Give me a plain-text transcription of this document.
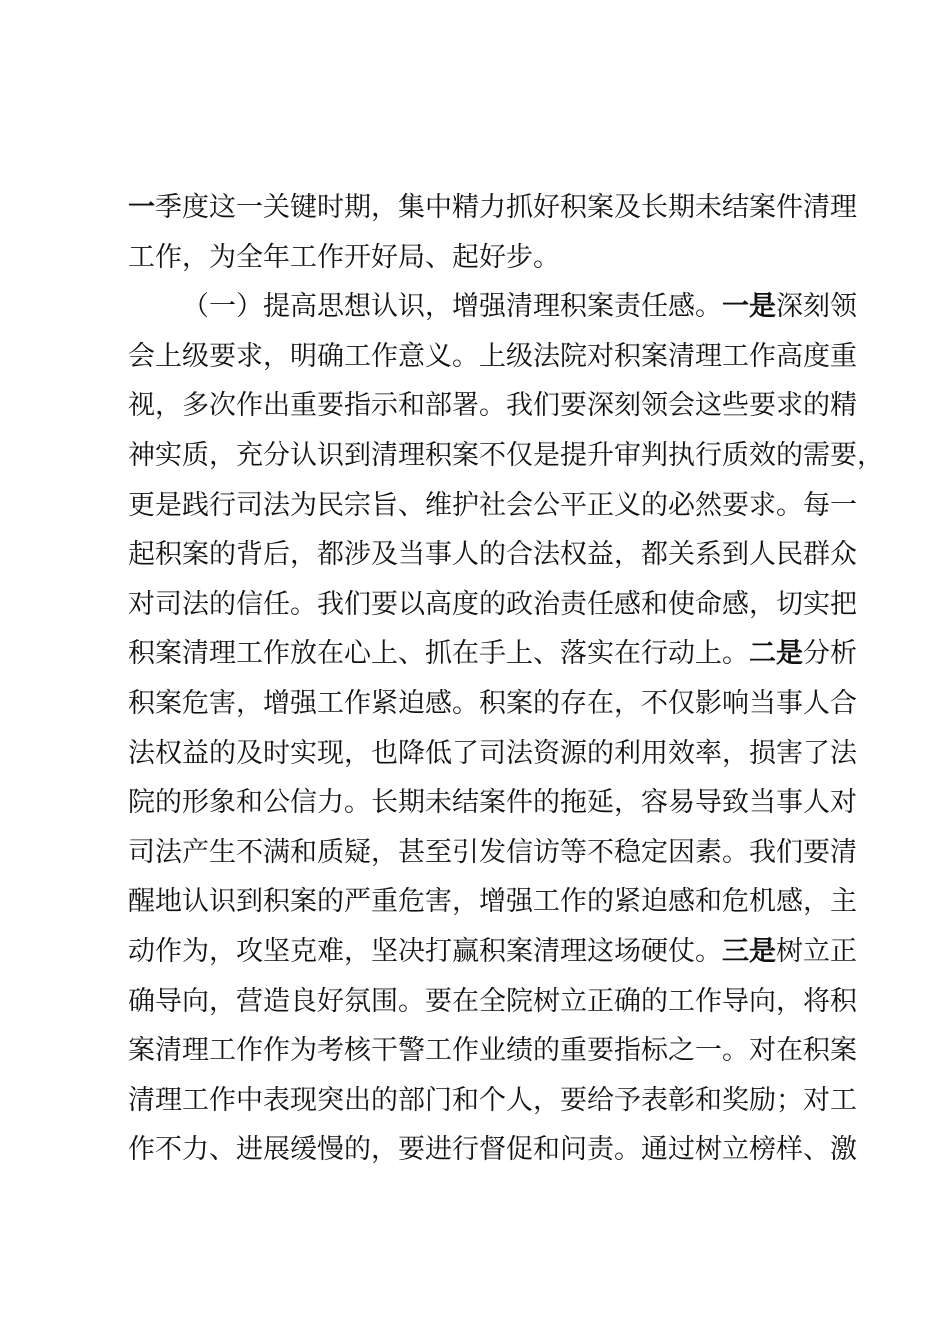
一季度这一关键时期，集中精力抓好积案及长期未结案件清理
工作，为全年工作开好局、起好步。
（一）提高思想认识，增强清理积案责任感。一是深刻领
会上级要求，明确工作意义。上级法院对积案清理工作高度重
视，多次作出重要指示和部署。我们要深刻领会这些要求的精
神实质，充分认识到清理积案不仅是提升审判执行质效的需要，
更是践行司法为民宗旨、维护社会公平正义的必然要求。每一
起积案的背后，都涉及当事人的合法权益，都关系到人民群众
对司法的信任。我们要以高度的政治责任感和使命感，切实把
积案清理工作放在心上、抓在手上、落实在行动上。二是分析
积案危害，增强工作紧迫感。积案的存在，不仅影响当事人合
法权益的及时实现，也降低了司法资源的利用效率，损害了法
院的形象和公信力。长期未结案件的拖延，容易导致当事人对
司法产生不满和质疑，甚至引发信访等不稳定因素。我们要清
醒地认识到积案的严重危害，增强工作的紧迫感和危机感，主
动作为，攻坚克难，坚决打赢积案清理这场硬仗。三是树立正
确导向，营造良好氛围。要在全院树立正确的工作导向，将积
案清理工作作为考核干警工作业绩的重要指标之一。对在积案
清理工作中表现突出的部门和个人，要给予表彰和奖励；对工
作不力、进展缓慢的，要进行督促和问责。通过树立榜样、激
